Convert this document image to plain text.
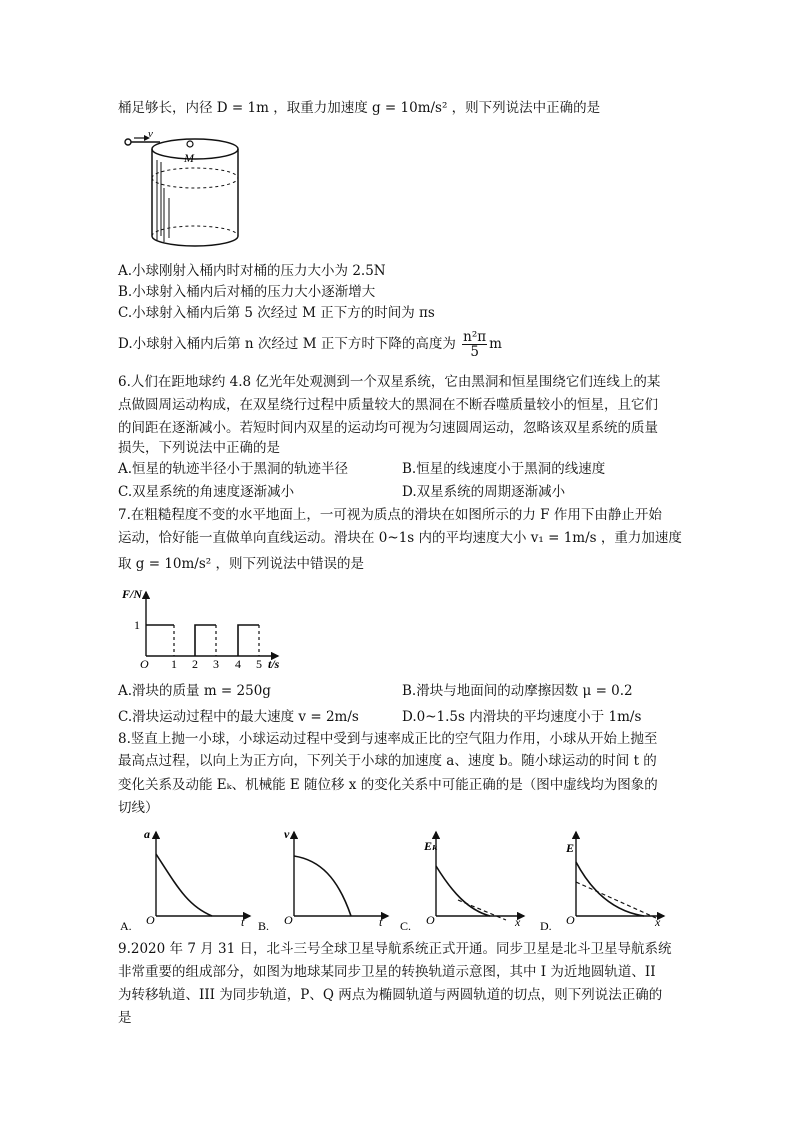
桶足够长，内径 D = 1m ，取重力加速度 g = 10m/s² ，则下列说法中正确的是
v
M
A.小球刚射入桶内时对桶的压力大小为 2.5N
B.小球射入桶内后对桶的压力大小逐渐增大
C.小球射入桶内后第 5 次经过 M 正下方的时间为 πs
D.小球射入桶内后第 n 次经过 M 正下方时下降的高度为 $\frac{\text{n²π}}{5}$ m
6.人们在距地球约 4.8 亿光年处观测到一个双星系统，它由黑洞和恒星围绕它们连线上的某
点做圆周运动构成，在双星绕行过程中质量较大的黑洞在不断吞噬质量较小的恒星，且它们
的间距在逐渐减小。若短时间内双星的运动均可视为匀速圆周运动，忽略该双星系统的质量
损失，下列说法中正确的是
A.恒星的轨迹半径小于黑洞的轨迹半径	B.恒星的线速度小于黑洞的线速度
C.双星系统的角速度逐渐减小	D.双星系统的周期逐渐减小
7.在粗糙程度不变的水平地面上，一可视为质点的滑块在如图所示的力 F 作用下由静止开始
运动，恰好能一直做单向直线运动。滑块在 0~1s 内的平均速度大小 v₁ = 1m/s ，重力加速度
取 g = 10m/s² ，则下列说法中错误的是
F/N
t/s
O
1
1 2 3 4 5
A.滑块的质量 m = 250g	B.滑块与地面间的动摩擦因数 μ = 0.2
C.滑块运动过程中的最大速度 v = 2m/s	D.0~1.5s 内滑块的平均速度小于 1m/s
8.竖直上抛一小球，小球运动过程中受到与速率成正比的空气阻力作用，小球从开始上抛至
最高点过程，以向上为正方向，下列关于小球的加速度 a、速度 b。随小球运动的时间 t 的
变化关系及动能 Eₖ、机械能 E 随位移 x 的变化关系中可能正确的是（图中虚线均为图象的
切线）
A.
a
O	t B.
v
O	t C.
Eₖ
O	x D.
E
O	x
9.2020 年 7 月 31 日，北斗三号全球卫星导航系统正式开通。同步卫星是北斗卫星导航系统
非常重要的组成部分，如图为地球某同步卫星的转换轨道示意图，其中 I 为近地圆轨道、II
为转移轨道、III 为同步轨道，P、Q 两点为椭圆轨道与两圆轨道的切点，则下列说法正确的
是
